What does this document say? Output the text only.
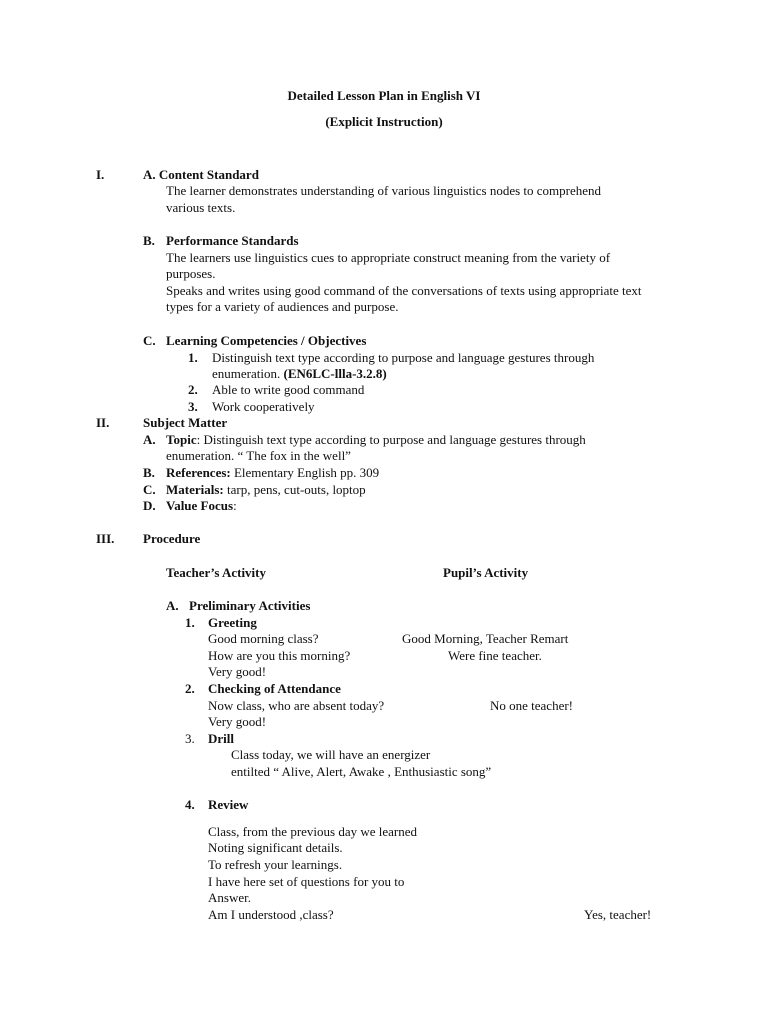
Detailed Lesson Plan in English VI
(Explicit Instruction)
I.	A. Content Standard
The learner demonstrates understanding of various linguistics nodes to comprehend
various texts.
B. Performance Standards
The learners use linguistics cues to appropriate construct meaning from the variety of
purposes.
Speaks and writes using good command of the conversations of texts using appropriate text
types for a variety of audiences and purpose.
C. Learning Competencies / Objectives
1. Distinguish text type according to purpose and language gestures through
enumeration. (EN6LC-llla-3.2.8)
2. Able to write good command
3. Work cooperatively
II.	Subject Matter
A. Topic: Distinguish text type according to purpose and language gestures through
enumeration. “ The fox in the well”
B. References: Elementary English pp. 309
C. Materials: tarp, pens, cut-outs, loptop
D. Value Focus:
III. Procedure
Teacher’s Activity	Pupil’s Activity
A. Preliminary Activities
1. Greeting
Good morning class?	Good Morning, Teacher Remart
How are you this morning?	Were fine teacher.
Very good!
2. Checking of Attendance
Now class, who are absent today?	No one teacher!
Very good!
3. Drill
Class today, we will have an energizer
entilted “ Alive, Alert, Awake , Enthusiastic song”
4. Review
Class, from the previous day we learned
Noting significant details.
To refresh your learnings.
I have here set of questions for you to
Answer.
Am I understood ,class?	Yes, teacher!
